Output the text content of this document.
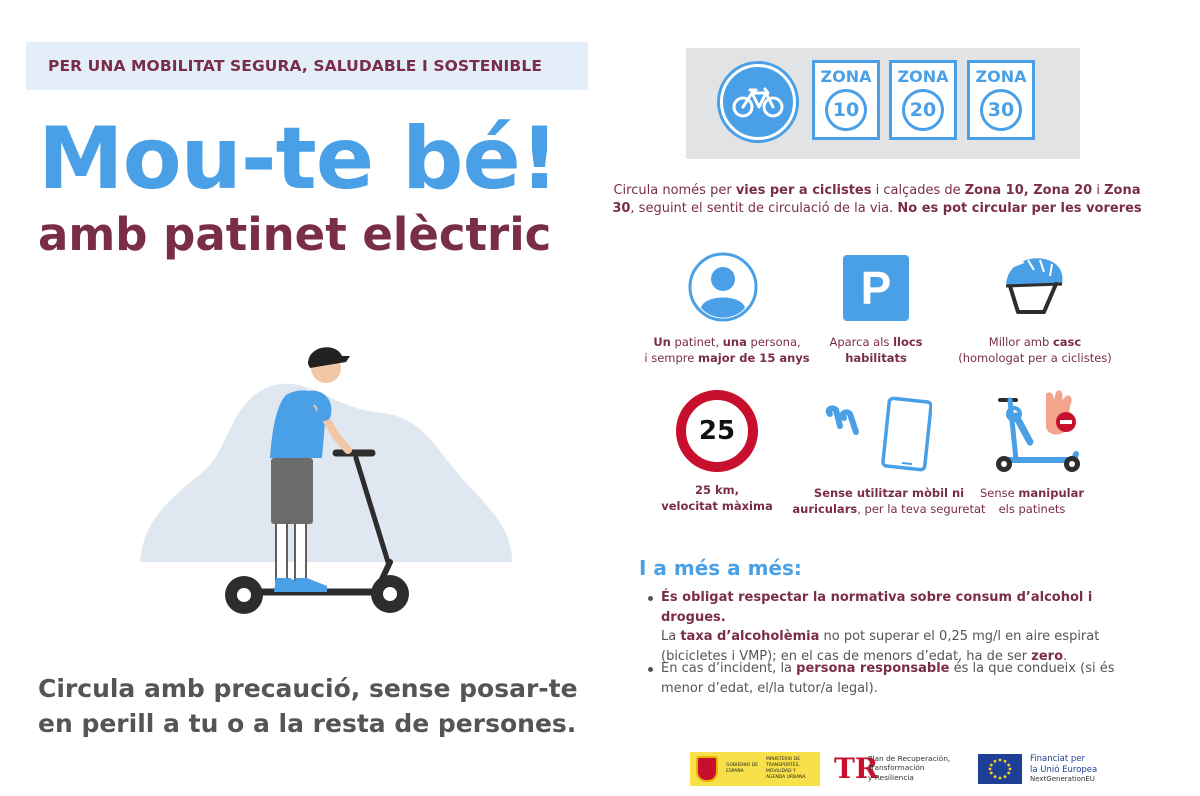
PER UNA MOBILITAT SEGURA, SALUDABLE I SOSTENIBLE
Mou-te bé!
amb patinet elèctric
Circula amb precaució, sense posar-te en perill a tu o a la resta de persones.
ZONA
10
ZONA
20
ZONA
30
Circula només per vies per a ciclistes i calçades de Zona 10, Zona 20 i Zona 30, seguint el sentit de circulació de la via. No es pot circular per les voreres
Un patinet, una persona,
i sempre major de 15 anys
P
Aparca als llocs
habilitats
Millor amb casc
(homologat per a ciclistes)
25
25 km,
velocitat màxima
Sense utilitzar mòbil ni
auriculars, per la teva seguretat
Sense manipular
els patinets
I a més a més:
És obligat respectar la normativa sobre consum d’alcohol i drogues.
La taxa d’alcoholèmia no pot superar el 0,25 mg/l en aire espirat (bicicletes i VMP); en el cas de menors d’edat, ha de ser zero.
En cas d’incident, la persona responsable és la que condueix (si és menor d’edat, el/la tutor/a legal).
GOBIERNO DE ESPAÑA
MINISTERIO DE TRANSPORTES, MOVILIDAD Y AGENDA URBANA	TR
Plan de Recuperación,
Transformación
y Resiliencia
Financiat per
la Unió Europea
NextGenerationEU
